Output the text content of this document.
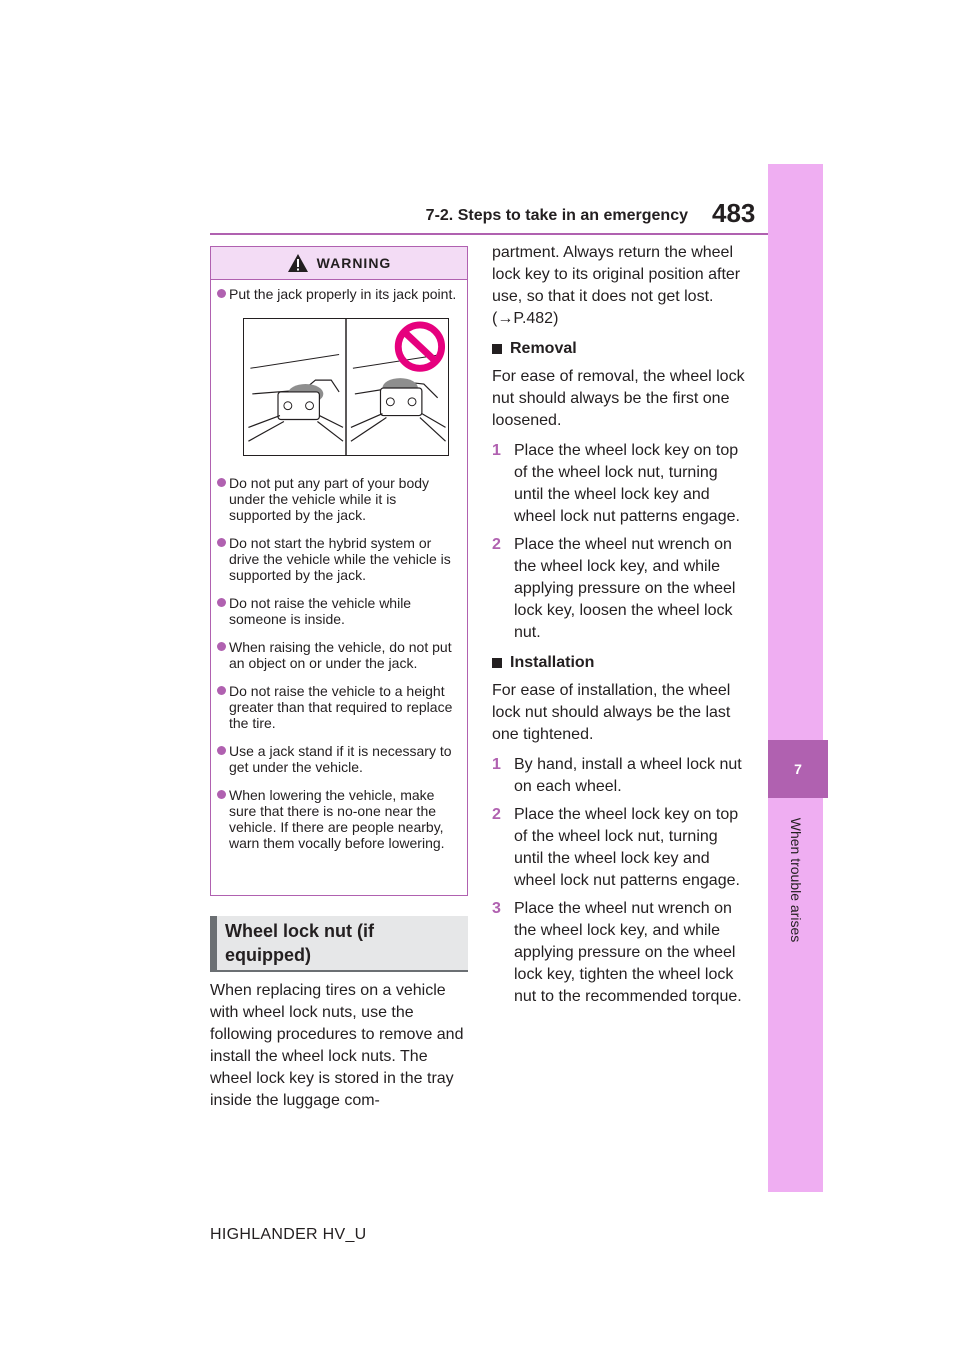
7-2. Steps to take in an emergency 483
7
When trouble arises
WARNING
Put the jack properly in its jack point.
Do not put any part of your body under the vehicle while it is supported by the jack.
Do not start the hybrid system or drive the vehicle while the vehicle is supported by the jack.
Do not raise the vehicle while someone is inside.
When raising the vehicle, do not put an object on or under the jack.
Do not raise the vehicle to a height greater than that required to replace the tire.
Use a jack stand if it is necessary to get under the vehicle.
When lowering the vehicle, make sure that there is no-one near the vehicle. If there are people nearby, warn them vocally before lowering.
Wheel lock nut (if equipped)
When replacing tires on a vehicle with wheel lock nuts, use the following procedures to remove and install the wheel lock nuts. The wheel lock key is stored in the tray inside the luggage com-

partment. Always return the wheel lock key to its original position after use, so that it does not get lost. (→P.482)

Removal

For ease of removal, the wheel lock nut should always be the first one loosened.

1 Place the wheel lock key on top of the wheel lock nut, turning until the wheel lock key and wheel lock nut patterns engage.
2 Place the wheel nut wrench on the wheel lock key, and while applying pressure on the wheel lock key, loosen the wheel lock nut.
Installation

For ease of installation, the wheel lock nut should always be the last one tightened.

1 By hand, install a wheel lock nut on each wheel.
2 Place the wheel lock key on top of the wheel lock nut, turning until the wheel lock key and wheel lock nut patterns engage.
3 Place the wheel nut wrench on the wheel lock key, and while applying pressure on the wheel lock key, tighten the wheel lock nut to the recommended torque.
HIGHLANDER HV_U
